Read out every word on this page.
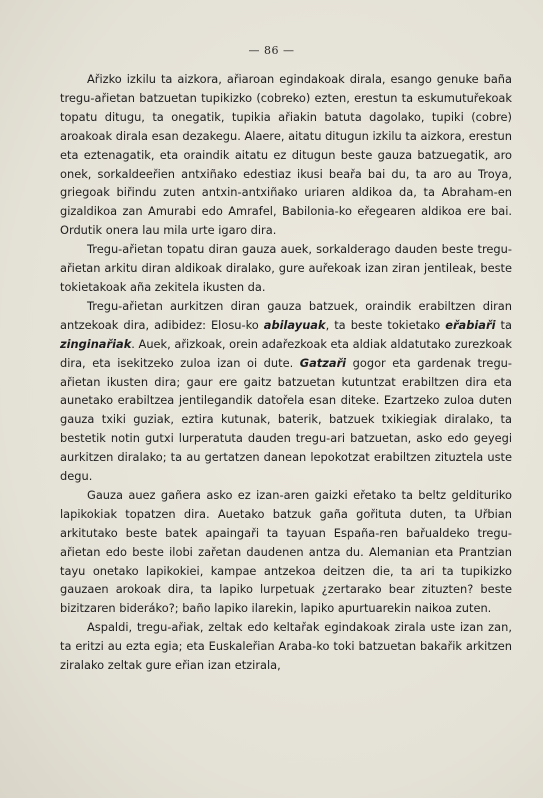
— 86 —

Ařizko izkilu ta aizkora, ařiaroan egindakoak dirala, esango genuke baña tregu-ařietan batzuetan tupikizko (cobreko) ezten, erestun ta eskumutuřekoak topatu ditugu, ta onegatik, tupikia ařiakin batuta dagolako, tupiki (cobre) aroakoak dirala esan dezakegu. Alaere, aitatu ditugun izkilu ta aizkora, erestun eta eztenagatik, eta oraindik aitatu ez ditugun beste gauza batzuegatik, aro onek, sorkaldeeřien antxiñako edestiaz ikusi beařa bai du, ta aro au Troya, griegoak biřindu zuten antxin-antxiñako uriaren aldikoa da, ta Abraham-en gizaldikoa zan Amurabi edo Amrafel, Babilonia-ko eřegearen aldikoa ere bai. Ordutik onera lau mila urte igaro dira.

Tregu-ařietan topatu diran gauza auek, sorkalderago dauden beste tregu-ařietan arkitu diran aldikoak diralako, gure auřekoak izan ziran jentileak, beste tokietakoak aña zekitela ikusten da.

Tregu-ařietan aurkitzen diran gauza batzuek, oraindik erabiltzen diran antzekoak dira, adibidez: Elosu-ko abilayuak, ta beste tokietako eřabiaři ta zinginařiak. Auek, ařizkoak, orein adařezkoak eta aldiak aldatutako zurezkoak dira, eta isekitzeko zuloa izan oi dute. Gatzaři gogor eta gardenak tregu-ařietan ikusten dira; gaur ere gaitz batzuetan kutuntzat erabiltzen dira eta aunetako erabiltzea jentilegandik datořela esan diteke. Ezartzeko zuloa duten gauza txiki guziak, eztira kutunak, baterik, batzuek txikiegiak diralako, ta bestetik notin gutxi lurperatuta dauden tregu-ari batzuetan, asko edo geyegi aurkitzen diralako; ta au gertatzen danean lepokotzat erabiltzen zituztela uste degu.

Gauza auez gañera asko ez izan-aren gaizki eřetako ta beltz geldituriko lapikokiak topatzen dira. Auetako batzuk gaña gořituta duten, ta Uřbian arkitutako beste batek apaingaři ta tayuan España-ren bařualdeko tregu-ařietan edo beste ilobi zařetan daudenen antza du. Alemanian eta Prantzian tayu onetako lapikokiei, kampae antzekoa deitzen die, ta ari ta tupikizko gauzaen arokoak dira, ta lapiko lurpetuak ¿zertarako bear zituzten? beste bizitzaren bideráko?; baño lapiko ilarekin, lapiko apurtuarekin naikoa zuten.

Aspaldi, tregu-ařiak, zeltak edo keltařak egindakoak zirala uste izan zan, ta eritzi au ezta egia; eta Euskaleřian Araba-ko toki batzuetan bakařik arkitzen ziralako zeltak gure eřian izan etzirala,
